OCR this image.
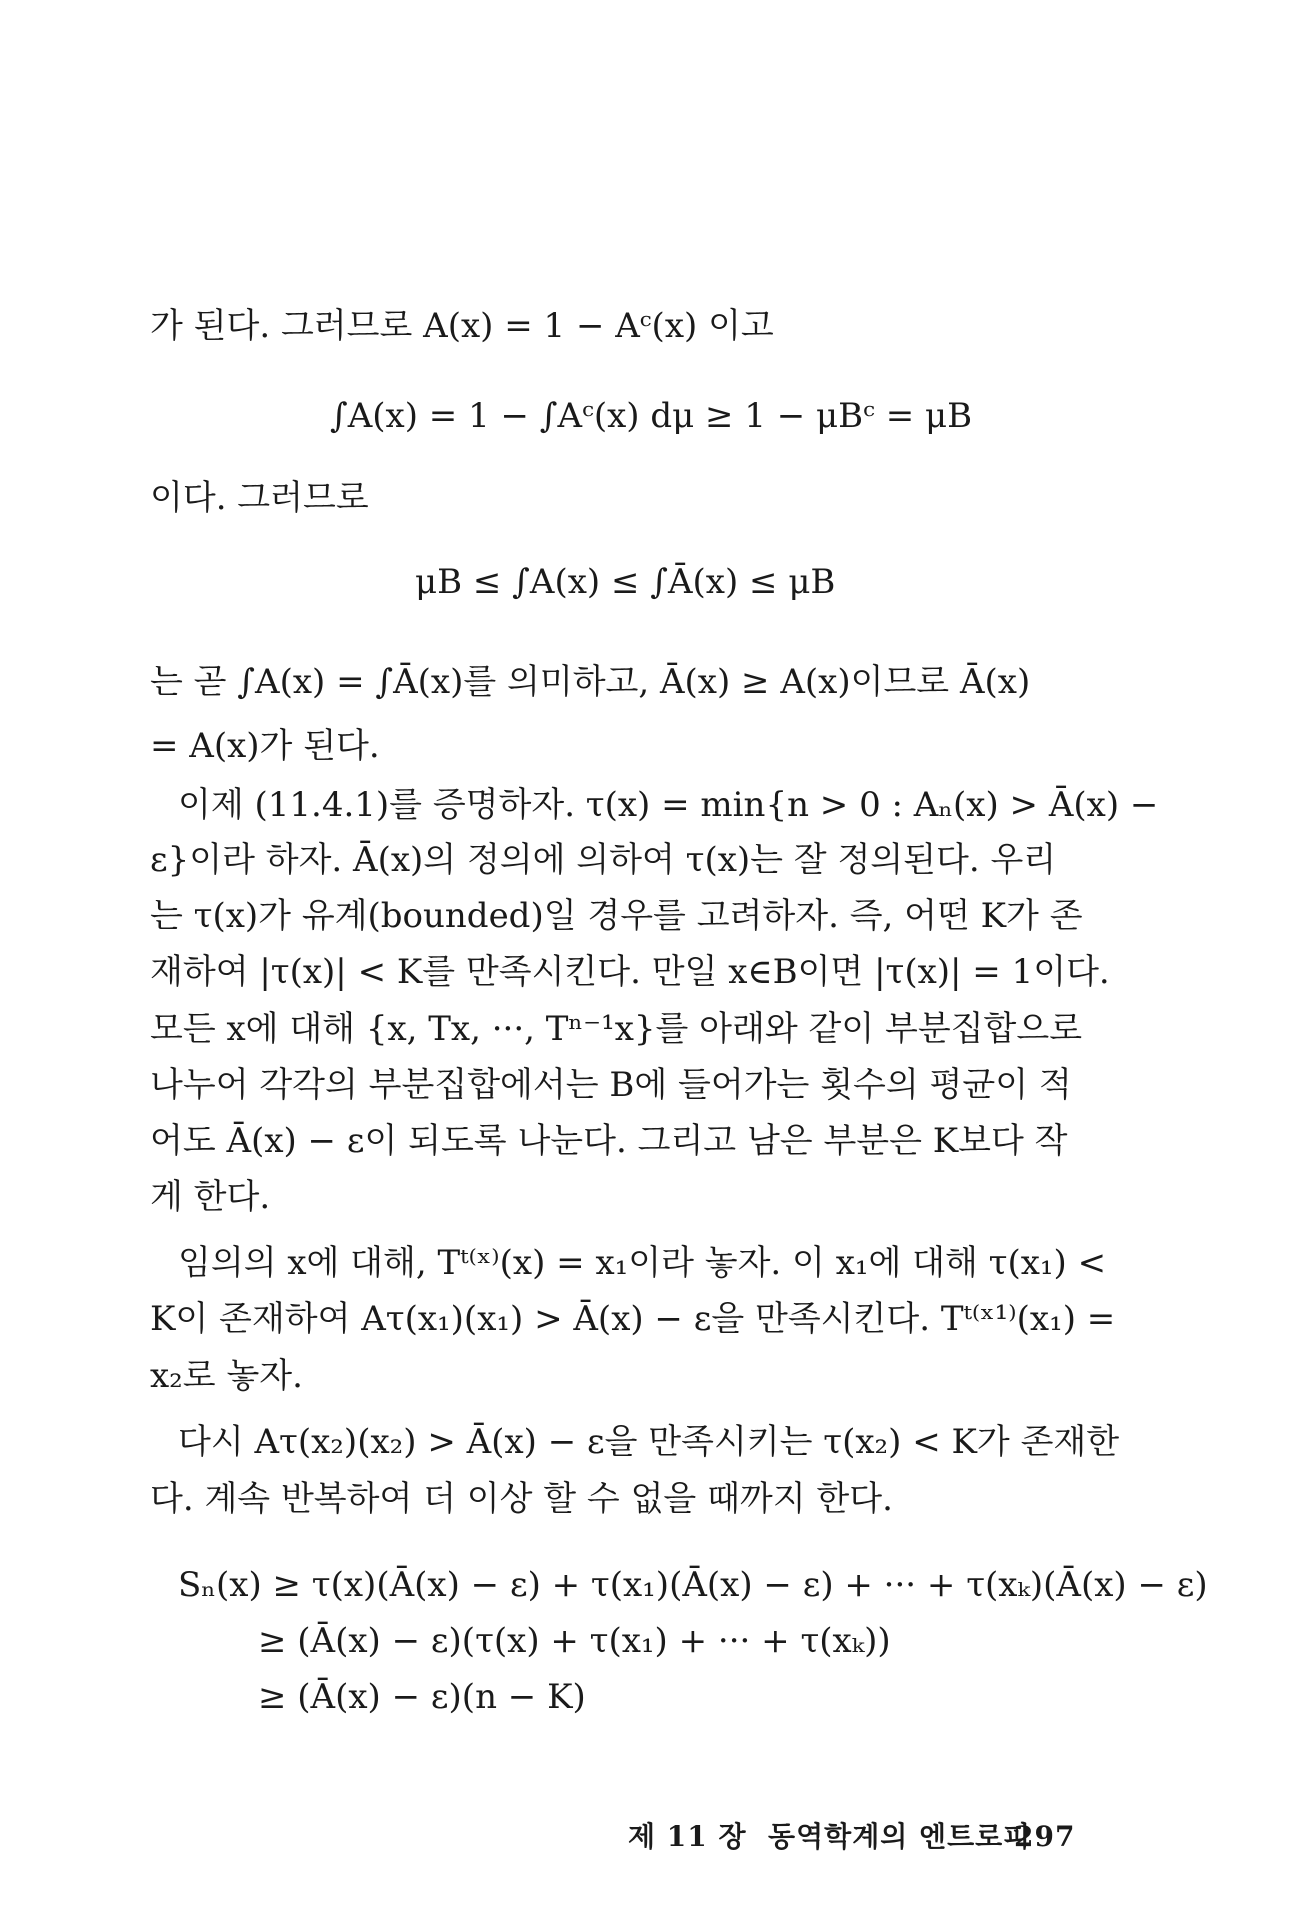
가 된다. 그러므로 A(x) = 1 − Aᶜ(x) 이고
∫A(x) = 1 − ∫Aᶜ(x) dμ ≥ 1 − μBᶜ = μB
이다. 그러므로
μB ≤ ∫A(x) ≤ ∫Ā(x) ≤ μB
는 곧 ∫A(x) = ∫Ā(x)를 의미하고, Ā(x) ≥ A(x)이므로 Ā(x)
= A(x)가 된다.
이제 (11.4.1)를 증명하자. τ(x) = min{n > 0 : Aₙ(x) > Ā(x) −
ε}이라 하자. Ā(x)의 정의에 의하여 τ(x)는 잘 정의된다. 우리
는 τ(x)가 유계(bounded)일 경우를 고려하자. 즉, 어떤 K가 존
재하여 |τ(x)| < K를 만족시킨다. 만일 x∈B이면 |τ(x)| = 1이다.
모든 x에 대해 {x, Tx, ···, Tⁿ⁻¹x}를 아래와 같이 부분집합으로
나누어 각각의 부분집합에서는 B에 들어가는 횟수의 평균이 적
어도 Ā(x) − ε이 되도록 나눈다. 그리고 남은 부분은 K보다 작
게 한다.
임의의 x에 대해, Tᵗ⁽ˣ⁾(x) = x₁이라 놓자. 이 x₁에 대해 τ(x₁) <
K이 존재하여 Aτ(x₁)(x₁) > Ā(x) − ε을 만족시킨다. Tᵗ⁽ˣ¹⁾(x₁) =
x₂로 놓자.
다시 Aτ(x₂)(x₂) > Ā(x) − ε을 만족시키는 τ(x₂) < K가 존재한
다. 계속 반복하여 더 이상 할 수 없을 때까지 한다.
Sₙ(x) ≥ τ(x)(Ā(x) − ε) + τ(x₁)(Ā(x) − ε) + ··· + τ(xₖ)(Ā(x) − ε)
≥ (Ā(x) − ε)(τ(x) + τ(x₁) + ··· + τ(xₖ))
≥ (Ā(x) − ε)(n − K)
제 11 장  동역학계의 엔트로피
297
